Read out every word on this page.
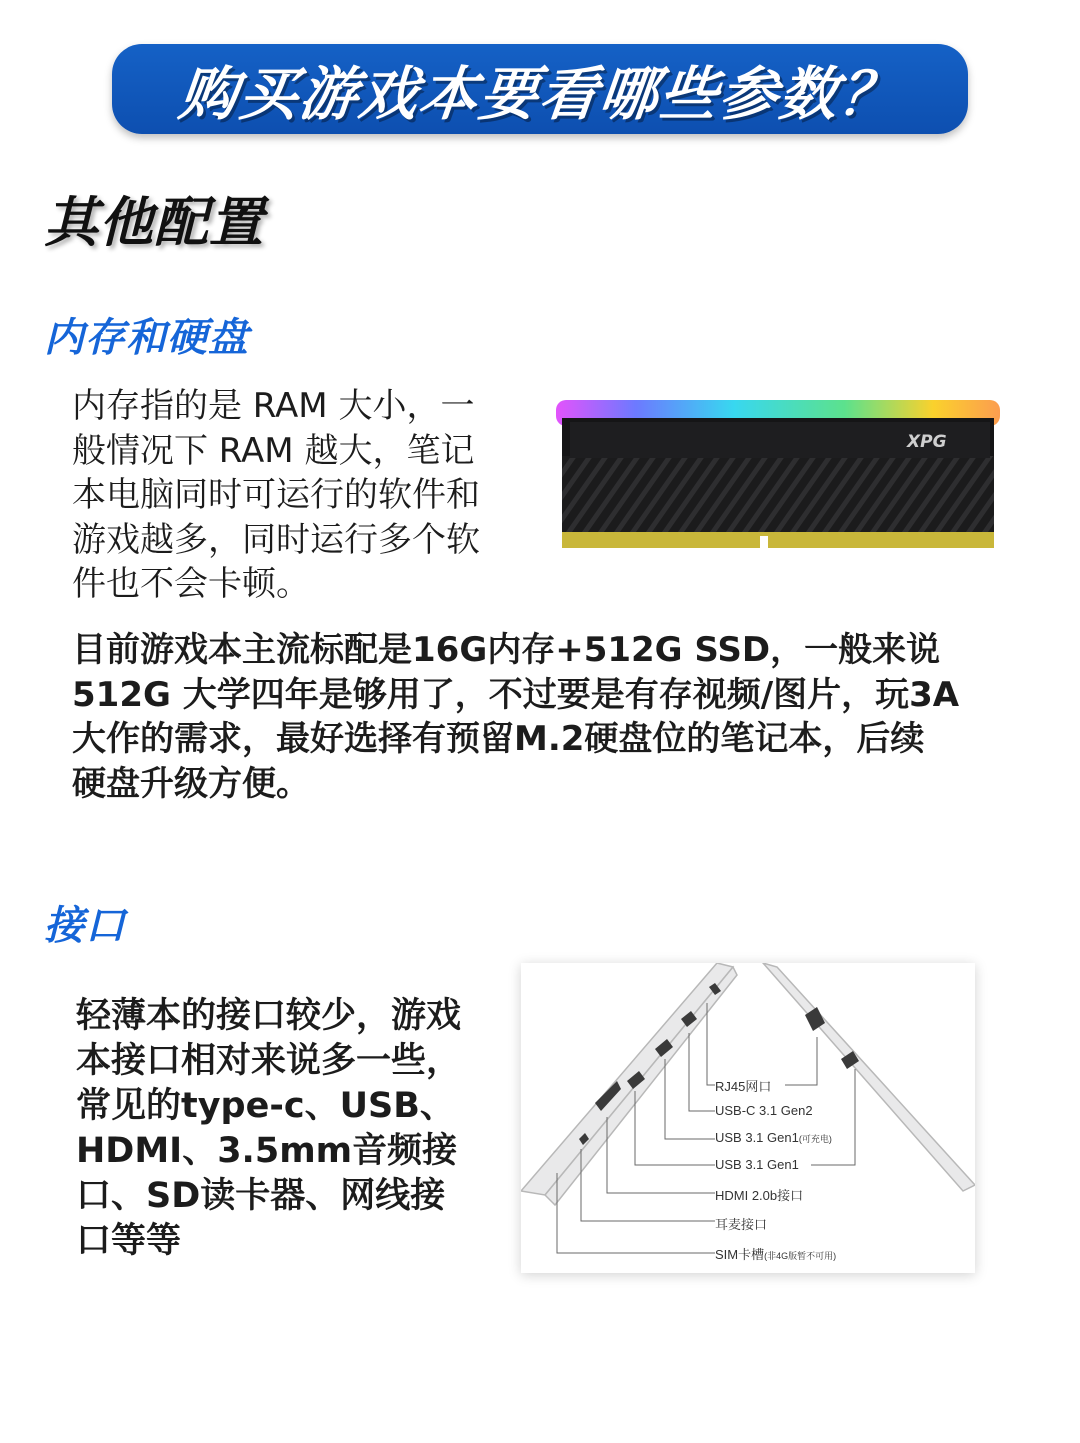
购买游戏本要看哪些参数？
其他配置
内存和硬盘

内存指的是 RAM 大小，一
般情况下 RAM 越大，笔记
本电脑同时可运行的软件和
游戏越多，同时运行多个软
件也不会卡顿。

XPG

目前游戏本主流标配是16G内存+512G SSD，一般来说
512G 大学四年是够用了，不过要是有存视频/图片，玩3A
大作的需求，最好选择有预留M.2硬盘位的笔记本，后续
硬盘升级方便。

接口

轻薄本的接口较少，游戏
本接口相对来说多一些，
常见的type-c、USB、
HDMI、3.5mm音频接
口、SD读卡器、网线接
口等等

RJ45网口
USB-C 3.1 Gen2
USB 3.1 Gen1(可充电)
USB 3.1 Gen1
HDMI 2.0b接口
耳麦接口
SIM卡槽(非4G版暂不可用)
